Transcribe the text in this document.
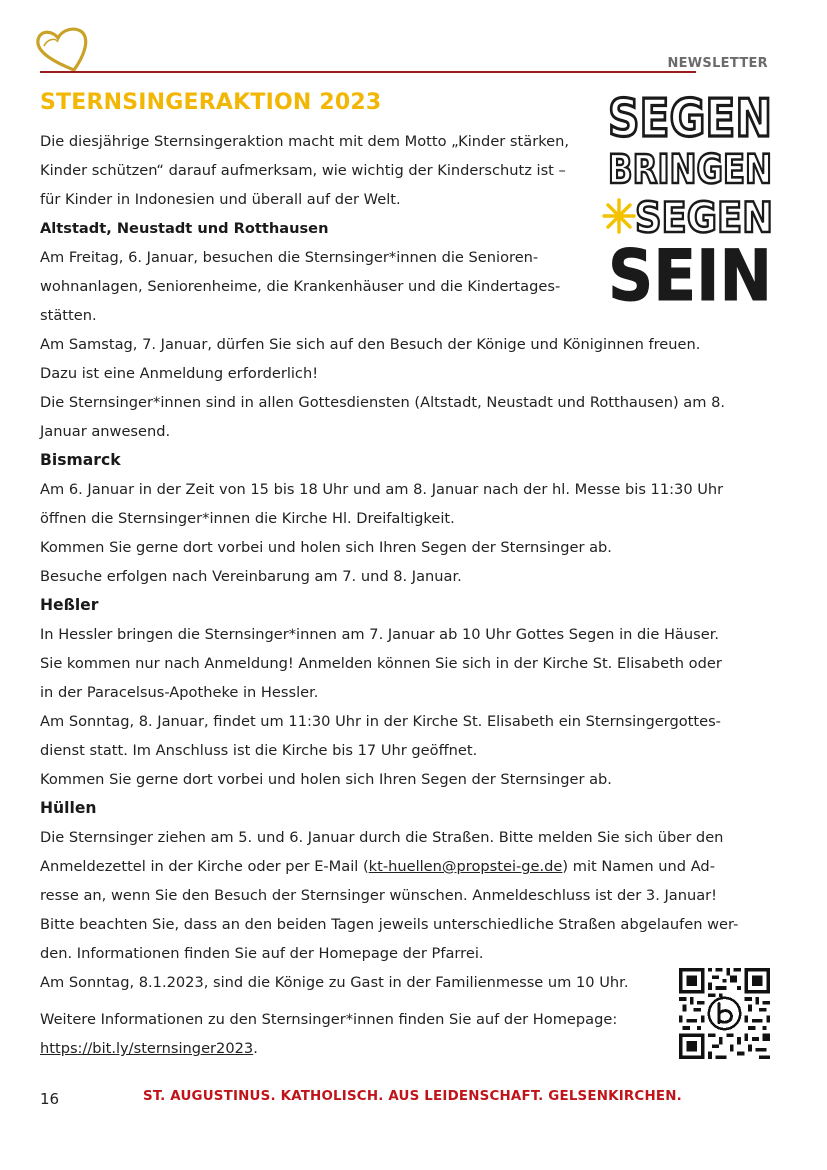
NEWSLETTER
STERNSINGERAKTION 2023	SEGEN
BRINGEN
SEGEN
SEIN

Die diesjährige Sternsingeraktion macht mit dem Motto „Kinder stärken,

Kinder schützen“ darauf aufmerksam, wie wichtig der Kinderschutz ist –

für Kinder in Indonesien und überall auf der Welt.

Altstadt, Neustadt und Rotthausen

Am Freitag, 6. Januar, besuchen die Sternsinger*innen die Senioren-

wohnanlagen, Seniorenheime, die Krankenhäuser und die Kindertages-

stätten.

Am Samstag, 7. Januar, dürfen Sie sich auf den Besuch der Könige und Königinnen freuen.

Dazu ist eine Anmeldung erforderlich!

Die Sternsinger*innen sind in allen Gottesdiensten (Altstadt, Neustadt und Rotthausen) am 8.

Januar anwesend.

Bismarck

Am 6. Januar in der Zeit von 15 bis 18 Uhr und am 8. Januar nach der hl. Messe bis 11:30 Uhr

öffnen die Sternsinger*innen die Kirche Hl. Dreifaltigkeit.

Kommen Sie gerne dort vorbei und holen sich Ihren Segen der Sternsinger ab.

Besuche erfolgen nach Vereinbarung am 7. und 8. Januar.

Heßler

In Hessler bringen die Sternsinger*innen am 7. Januar ab 10 Uhr Gottes Segen in die Häuser.

Sie kommen nur nach Anmeldung! Anmelden können Sie sich in der Kirche St. Elisabeth oder

in der Paracelsus-Apotheke in Hessler.

Am Sonntag, 8. Januar, findet um 11:30 Uhr in der Kirche St. Elisabeth ein Sternsingergottes-

dienst statt. Im Anschluss ist die Kirche bis 17 Uhr geöffnet.

Kommen Sie gerne dort vorbei und holen sich Ihren Segen der Sternsinger ab.

Hüllen

Die Sternsinger ziehen am 5. und 6. Januar durch die Straßen. Bitte melden Sie sich über den

Anmeldezettel in der Kirche oder per E-Mail (kt-huellen@propstei-ge.de) mit Namen und Ad-

resse an, wenn Sie den Besuch der Sternsinger wünschen. Anmeldeschluss ist der 3. Januar!

Bitte beachten Sie, dass an den beiden Tagen jeweils unterschiedliche Straßen abgelaufen wer-

den. Informationen finden Sie auf der Homepage der Pfarrei.

Am Sonntag, 8.1.2023, sind die Könige zu Gast in der Familienmesse um 10 Uhr.

Weitere Informationen zu den Sternsinger*innen finden Sie auf der Homepage:

https://bit.ly/sternsinger2023.

16	ST. AUGUSTINUS. KATHOLISCH. AUS LEIDENSCHAFT. GELSENKIRCHEN.
